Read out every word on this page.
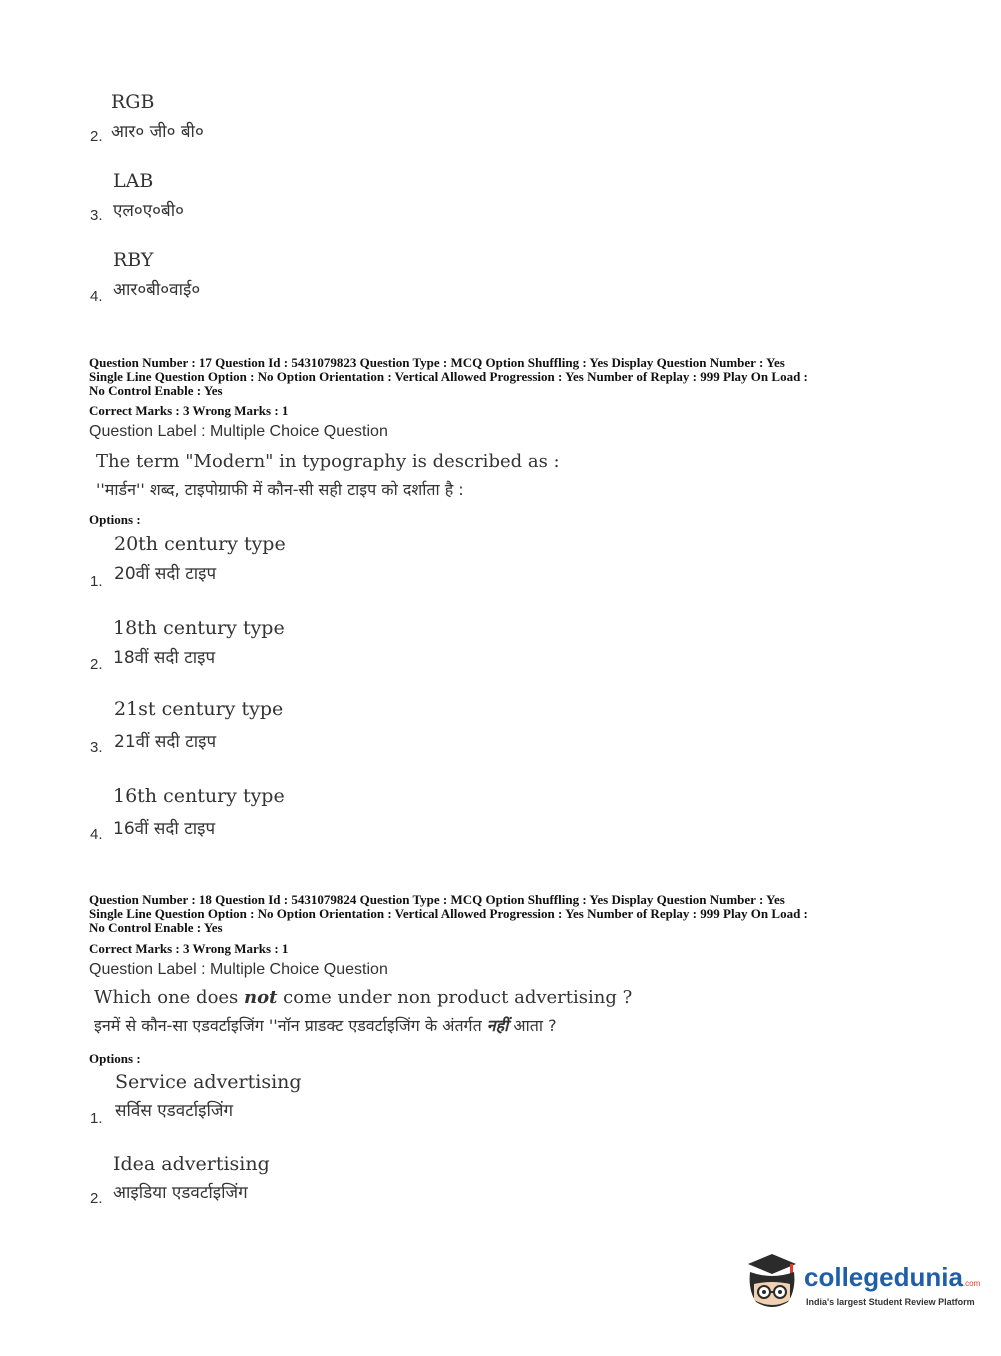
RGB
2. आर० जी० बी०
LAB
3. एल०ए०बी०
RBY
4. आर०बी०वाई०
Question Number : 17 Question Id : 5431079823 Question Type : MCQ Option Shuffling : Yes Display Question Number : Yes
Single Line Question Option : No Option Orientation : Vertical Allowed Progression : Yes Number of Replay : 999 Play On Load :
No Control Enable : Yes
Correct Marks : 3 Wrong Marks : 1
Question Label : Multiple Choice Question
The term "Modern" in typography is described as :
''मार्डन'' शब्द, टाइपोग्राफी में कौन-सी सही टाइप को दर्शाता है :
Options :
20th century type
1. 20वीं सदी टाइप
18th century type
2. 18वीं सदी टाइप
21st century type
3. 21वीं सदी टाइप
16th century type
4. 16वीं सदी टाइप
Question Number : 18 Question Id : 5431079824 Question Type : MCQ Option Shuffling : Yes Display Question Number : Yes
Single Line Question Option : No Option Orientation : Vertical Allowed Progression : Yes Number of Replay : 999 Play On Load :
No Control Enable : Yes
Correct Marks : 3 Wrong Marks : 1
Question Label : Multiple Choice Question
Which one does not come under non product advertising ?
इनमें से कौन-सा एडवर्टाइजिंग ''नॉन प्राडक्ट एडवर्टाइजिंग के अंतर्गत नहीं आता ?
Options :
Service advertising
1. सर्विस एडवर्टाइजिंग
Idea advertising
2. आइडिया एडवर्टाइजिंग
collegedunia.com
India's largest Student Review Platform
